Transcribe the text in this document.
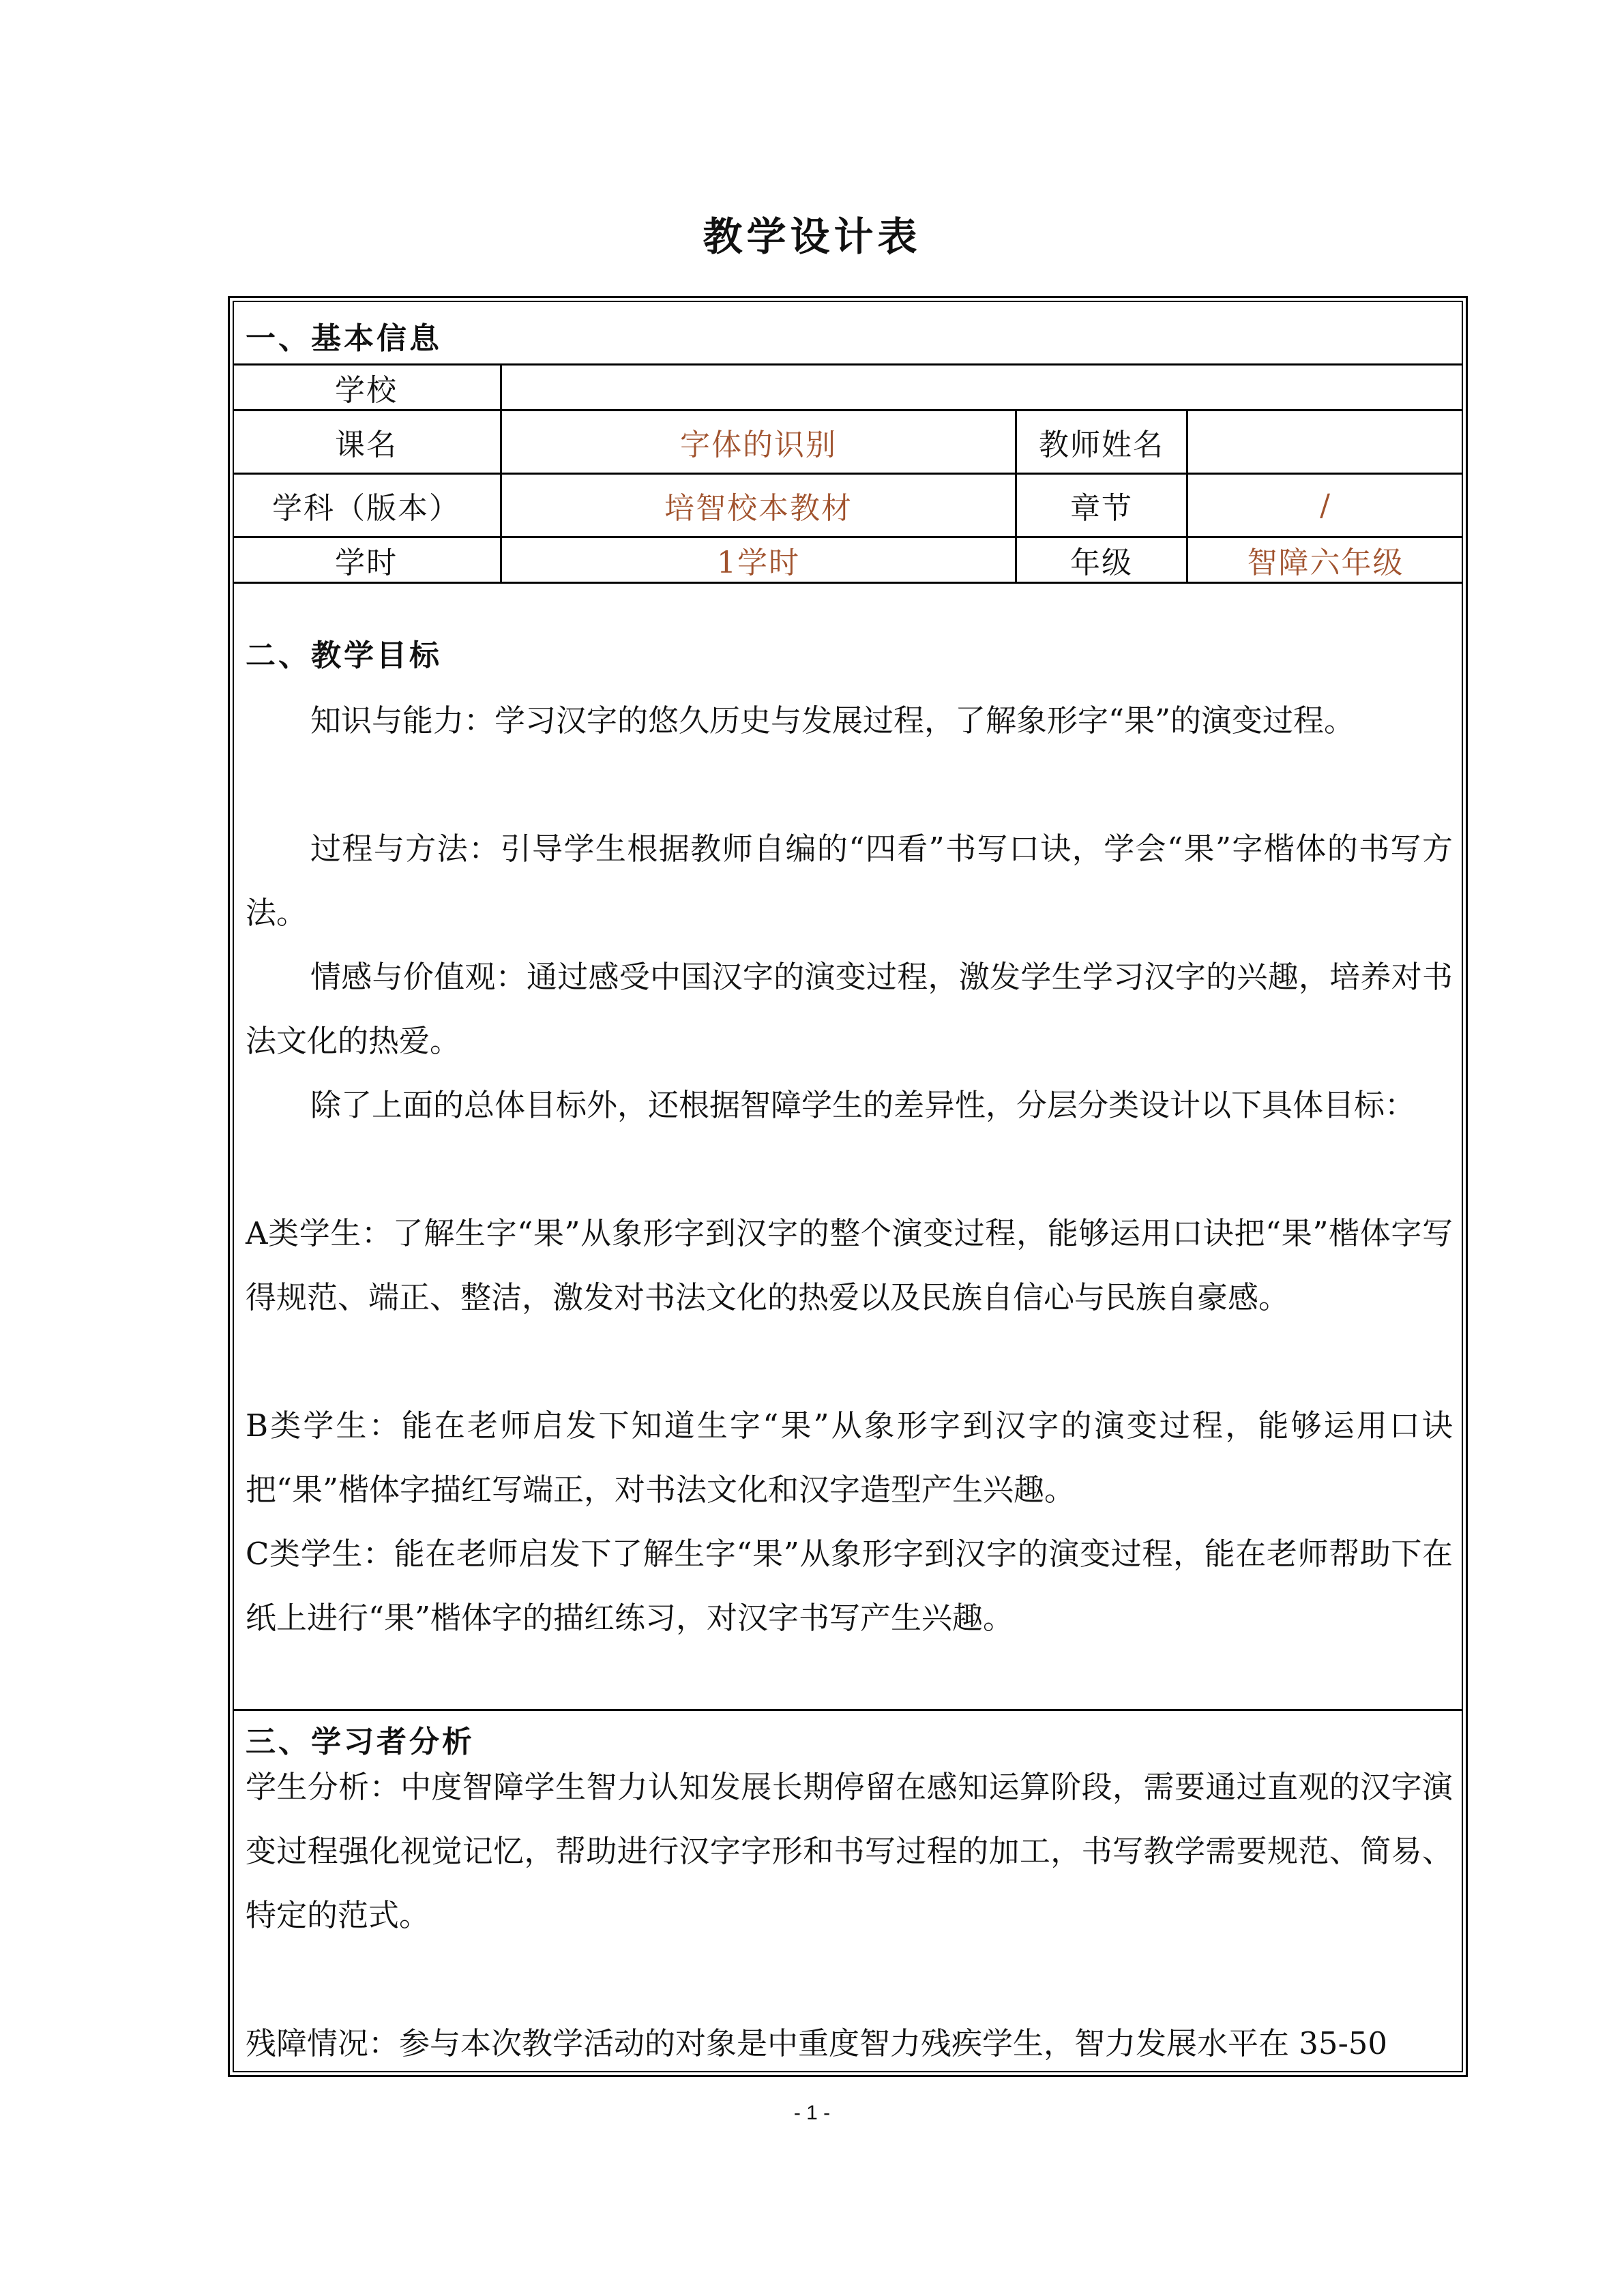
教学设计表
一、基本信息
学校
课名	字体的识别	教师姓名
学科（版本）	培智校本教材	章节	/
学时	1学时	年级	智障六年级
二、教学目标
知识与能力：学习汉字的悠久历史与发展过程，了解象形字“果”的演变过程。
过程与方法：引导学生根据教师自编的“四看”书写口诀，学会“果”字楷体的书写方法。
情感与价值观：通过感受中国汉字的演变过程，激发学生学习汉字的兴趣，培养对书法文化的热爱。
除了上面的总体目标外，还根据智障学生的差异性，分层分类设计以下具体目标：
A类学生：了解生字“果”从象形字到汉字的整个演变过程，能够运用口诀把“果”楷体字写得规范、端正、整洁，激发对书法文化的热爱以及民族自信心与民族自豪感。
B类学生：能在老师启发下知道生字“果”从象形字到汉字的演变过程，能够运用口诀把“果”楷体字描红写端正，对书法文化和汉字造型产生兴趣。
C类学生：能在老师启发下了解生字“果”从象形字到汉字的演变过程，能在老师帮助下在纸上进行“果”楷体字的描红练习，对汉字书写产生兴趣。
三、学习者分析
学生分析：中度智障学生智力认知发展长期停留在感知运算阶段，需要通过直观的汉字演变过程强化视觉记忆，帮助进行汉字字形和书写过程的加工，书写教学需要规范、简易、特定的范式。
残障情况：参与本次教学活动的对象是中重度智力残疾学生，智力发展水平在 35-50
- 1 -
